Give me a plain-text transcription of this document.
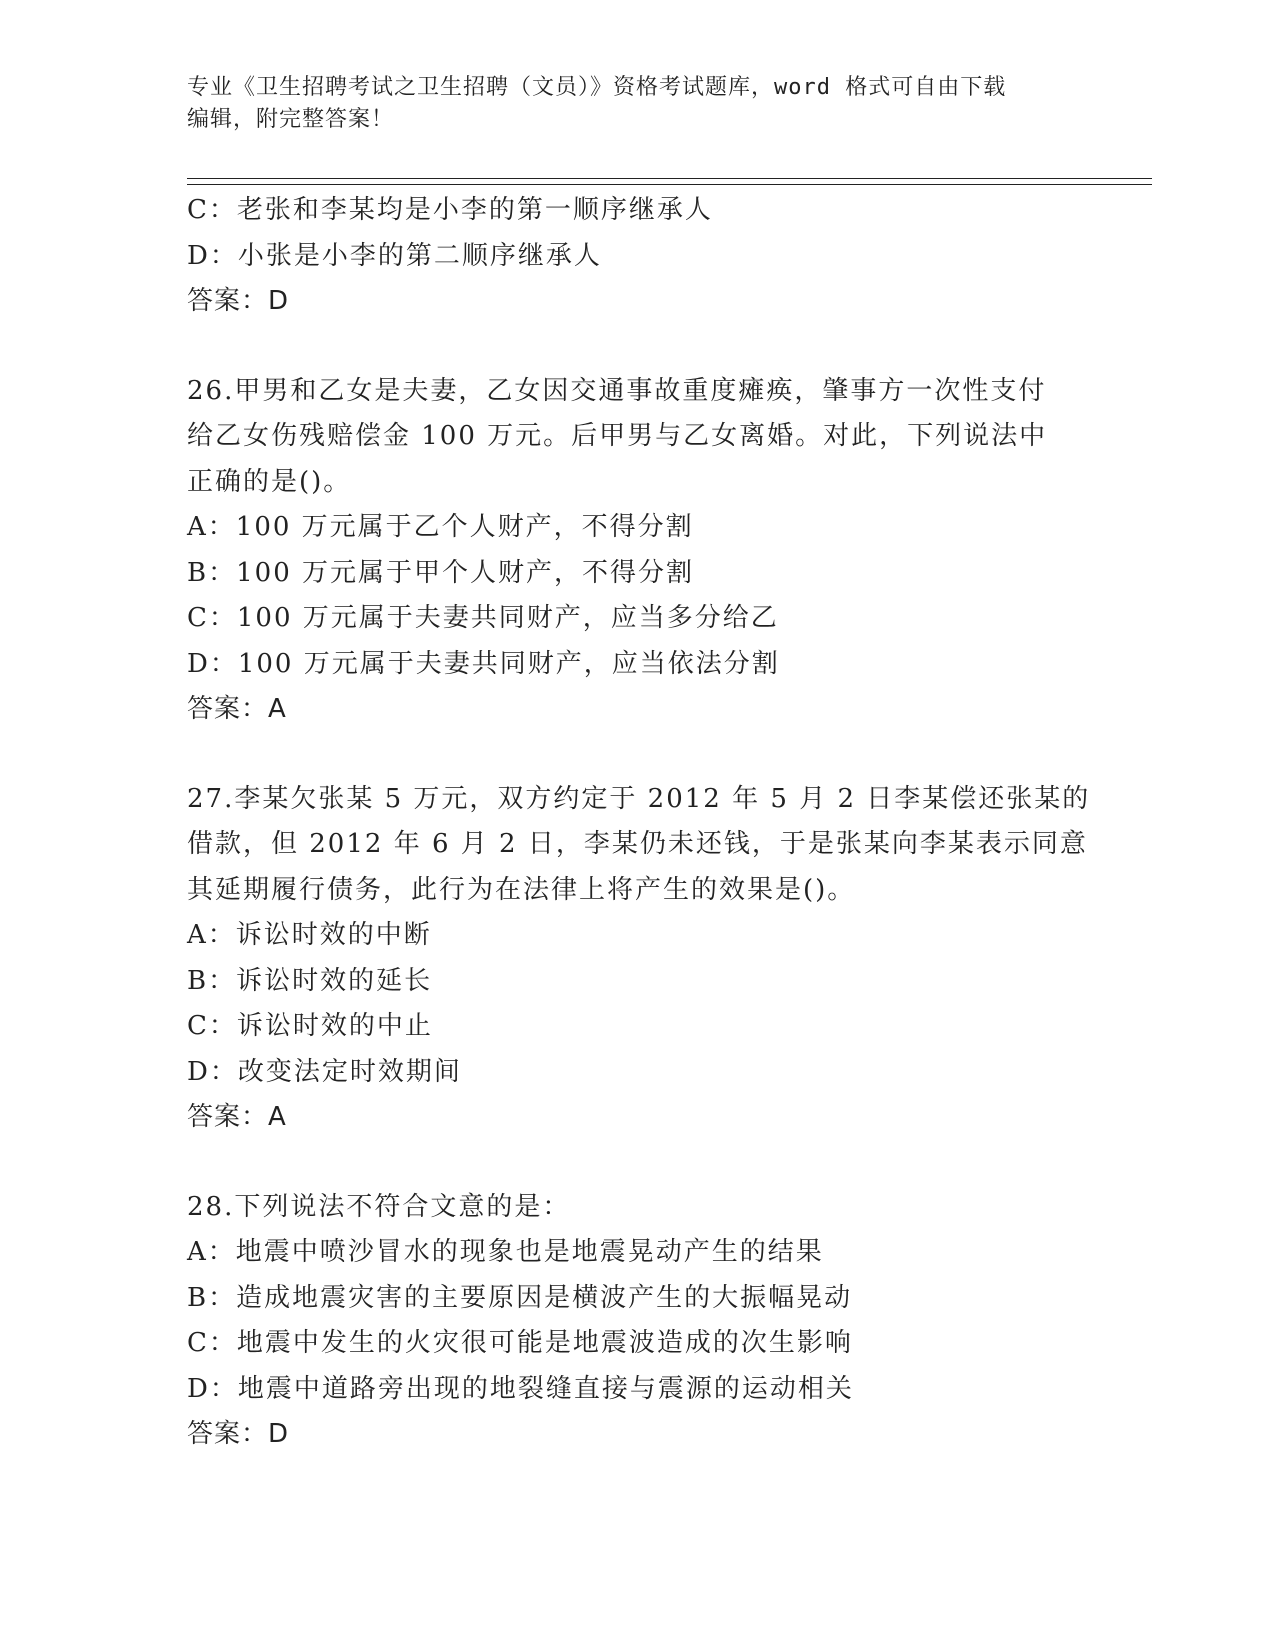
专业《卫生招聘考试之卫生招聘（文员）》资格考试题库，word 格式可自由下载
编辑，附完整答案！
C：老张和李某均是小李的第一顺序继承人
D：小张是小李的第二顺序继承人
答案：D
26.甲男和乙女是夫妻，乙女因交通事故重度瘫痪，肇事方一次性支付
给乙女伤残赔偿金 100 万元。后甲男与乙女离婚。对此，下列说法中
正确的是()。
A：100 万元属于乙个人财产，不得分割
B：100 万元属于甲个人财产，不得分割
C：100 万元属于夫妻共同财产，应当多分给乙
D：100 万元属于夫妻共同财产，应当依法分割
答案：A
27.李某欠张某 5 万元，双方约定于 2012 年 5 月 2 日李某偿还张某的
借款，但 2012 年 6 月 2 日，李某仍未还钱，于是张某向李某表示同意
其延期履行债务，此行为在法律上将产生的效果是()。
A：诉讼时效的中断
B：诉讼时效的延长
C：诉讼时效的中止
D：改变法定时效期间
答案：A
28.下列说法不符合文意的是：
A：地震中喷沙冒水的现象也是地震晃动产生的结果
B：造成地震灾害的主要原因是横波产生的大振幅晃动
C：地震中发生的火灾很可能是地震波造成的次生影响
D：地震中道路旁出现的地裂缝直接与震源的运动相关
答案：D
